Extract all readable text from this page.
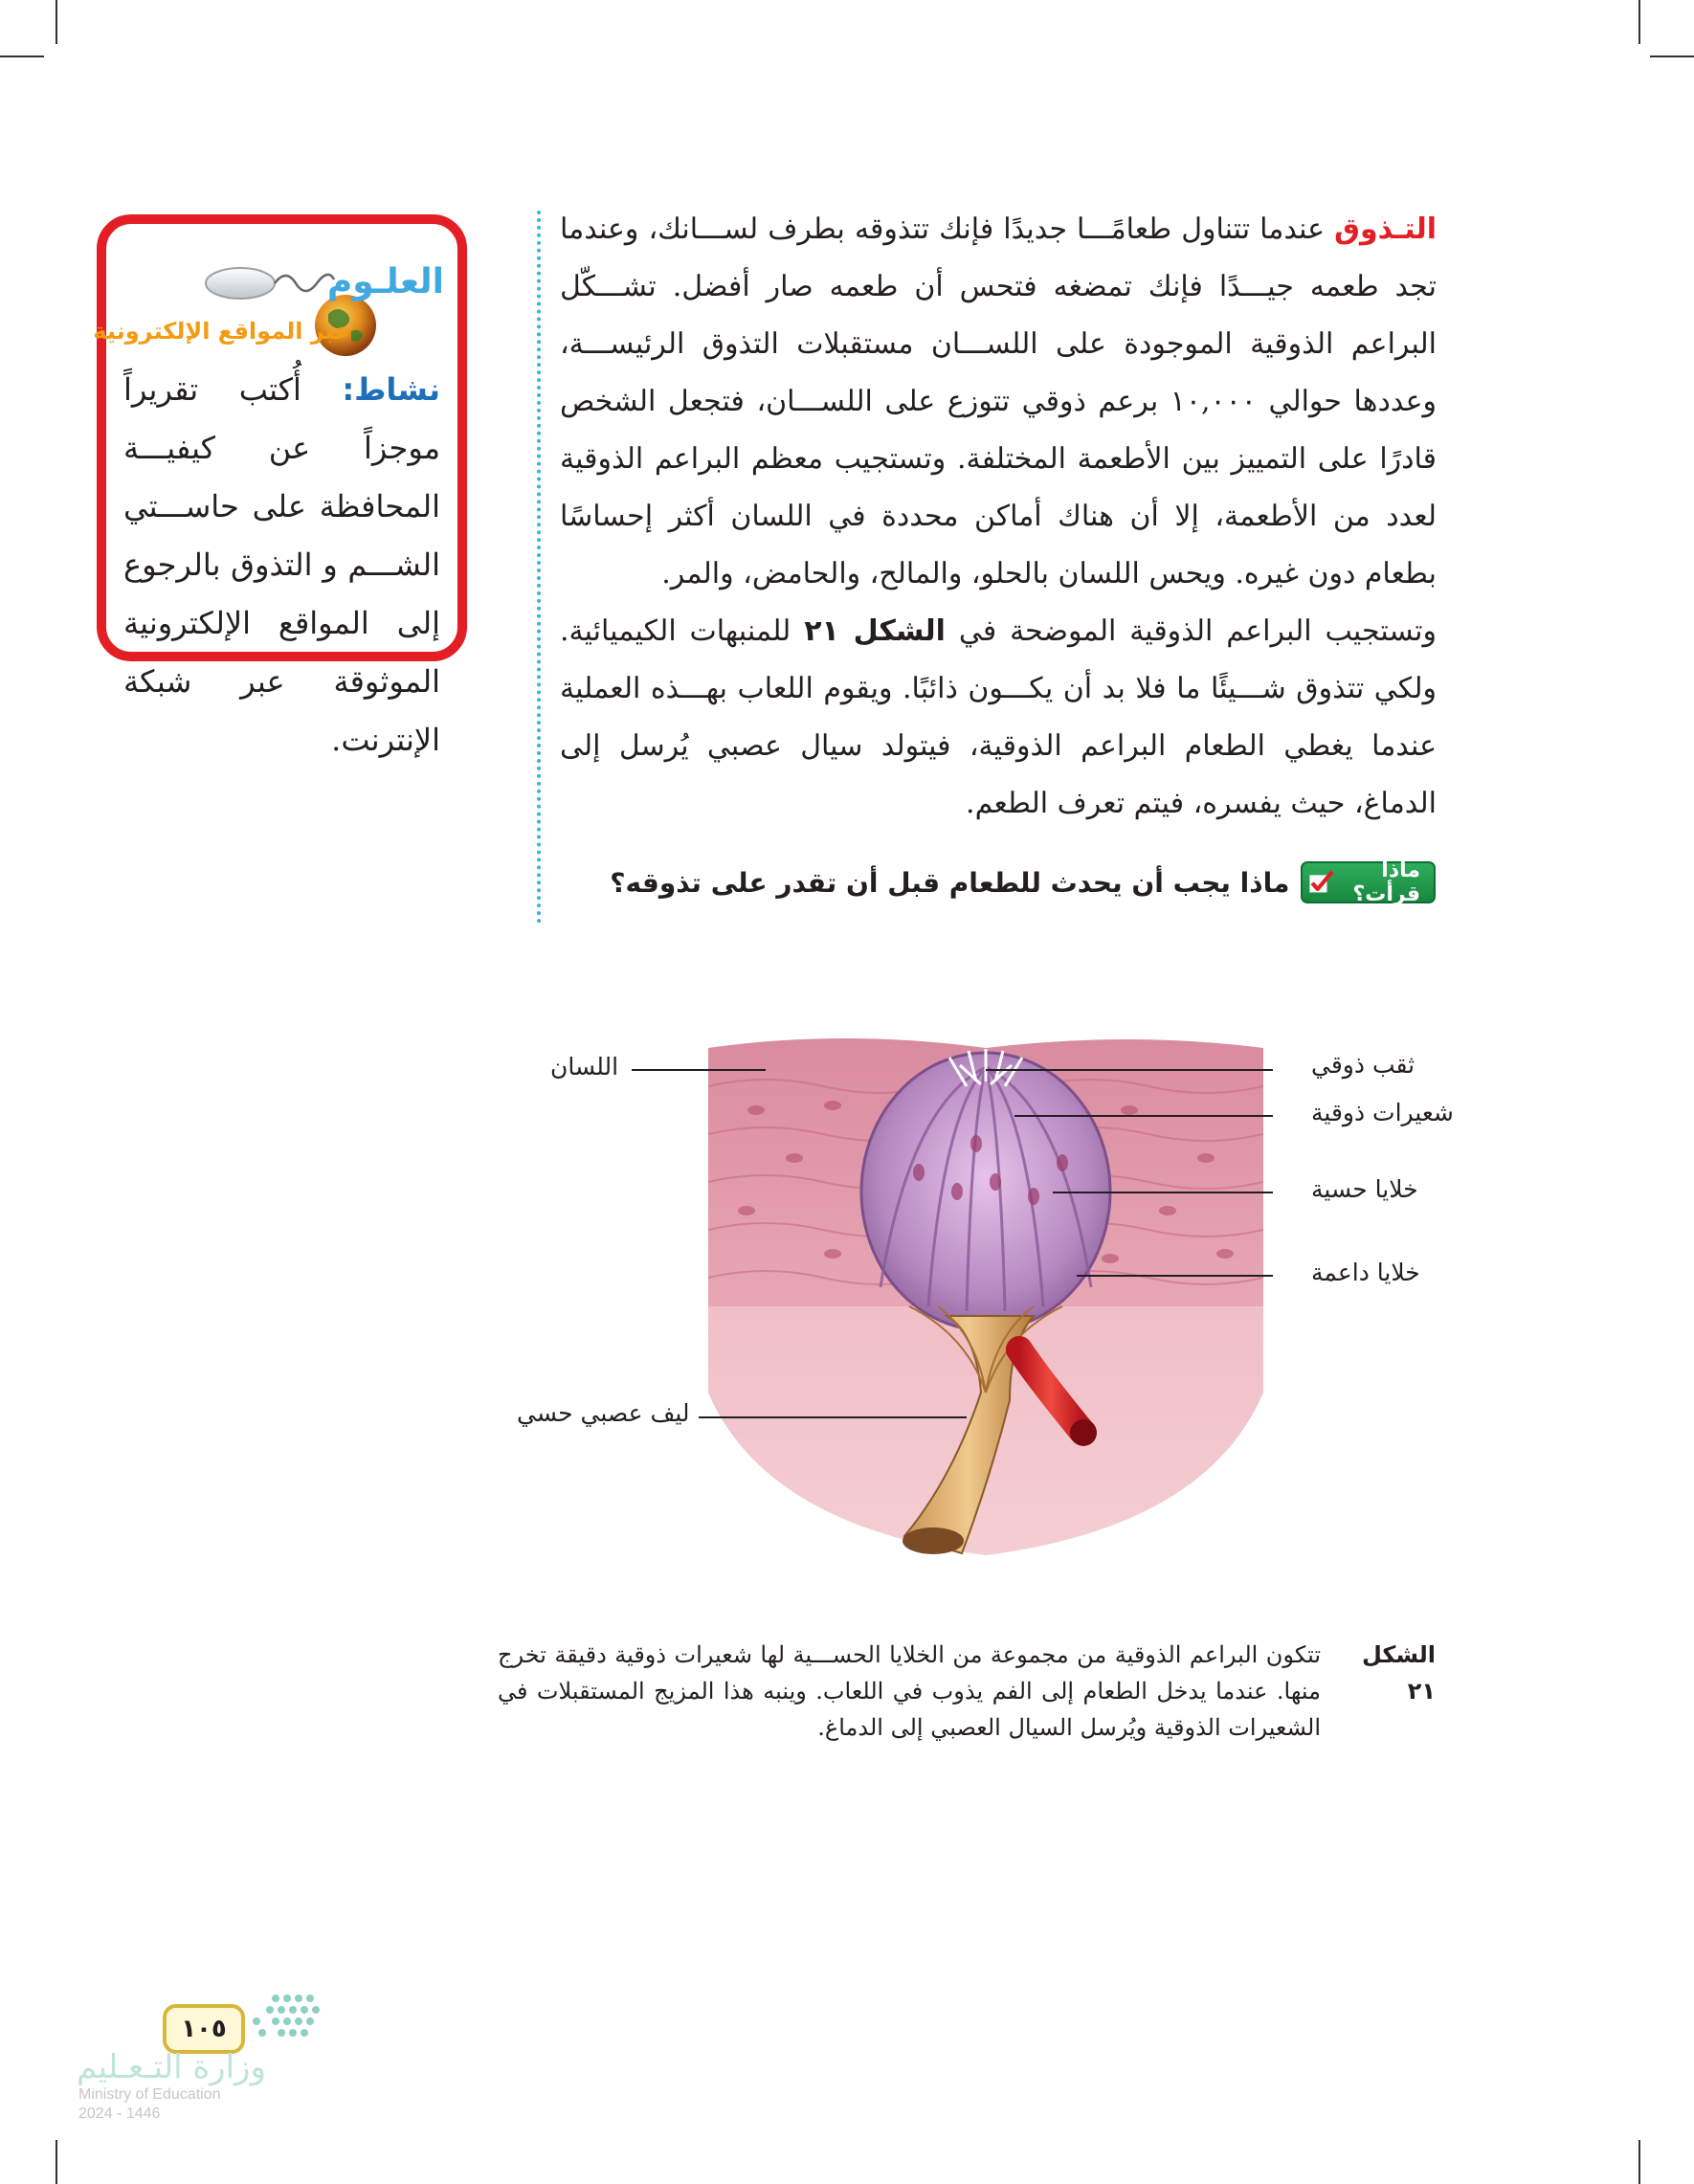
العلـوم
عبر المواقع الإلكترونية
نشاط: أُكتب تقريراً موجزاً عن كيفيـــة المحافظة على حاســـتي الشـــم و التذوق بالرجوع إلى المواقع الإلكترونية الموثوقة عبر شبكة الإنترنت.

التـذوق عندما تتناول طعامًـــا جديدًا فإنك تتذوقه بطرف لســـانك، وعندما تجد طعمه جيـــدًا فإنك تمضغه فتحس أن طعمه صار أفضل. تشـــكّل البراعم الذوقية الموجودة على اللســـان مستقبلات التذوق الرئيســـة، وعددها حوالي ١٠,٠٠٠ برعم ذوقي تتوزع على اللســـان، فتجعل الشخص قادرًا على التمييز بين الأطعمة المختلفة. وتستجيب معظم البراعم الذوقية لعدد من الأطعمة، إلا أن هناك أماكن محددة في اللسان أكثر إحساسًا بطعام دون غيره. ويحس اللسان بالحلو، والمالح، والحامض، والمر.

وتستجيب البراعم الذوقية الموضحة في الشكل ٢١ للمنبهات الكيميائية. ولكي تتذوق شـــيئًا ما فلا بد أن يكـــون ذائبًا. ويقوم اللعاب بهـــذه العملية عندما يغطي الطعام البراعم الذوقية، فيتولد سيال عصبي يُرسل إلى الدماغ، حيث يفسره، فيتم تعرف الطعم.

ماذا قرأت؟
ماذا يجب أن يحدث للطعام قبل أن تقدر على تذوقه؟
اللسان	ثقب ذوقي
شعيرات ذوقية
خلايا حسية
خلايا داعمة
ليف عصبي حسي
الشكل ٢١
تتكون البراعم الذوقية من مجموعة من الخلايا الحســـية لها شعيرات ذوقية دقيقة تخرج منها. عندما يدخل الطعام إلى الفم يذوب في اللعاب. وينبه هذا المزيج المستقبلات في الشعيرات الذوقية ويُرسل السيال العصبي إلى الدماغ.
١٠٥
وزارة التـعـليم
Ministry of Education
2024 - 1446
